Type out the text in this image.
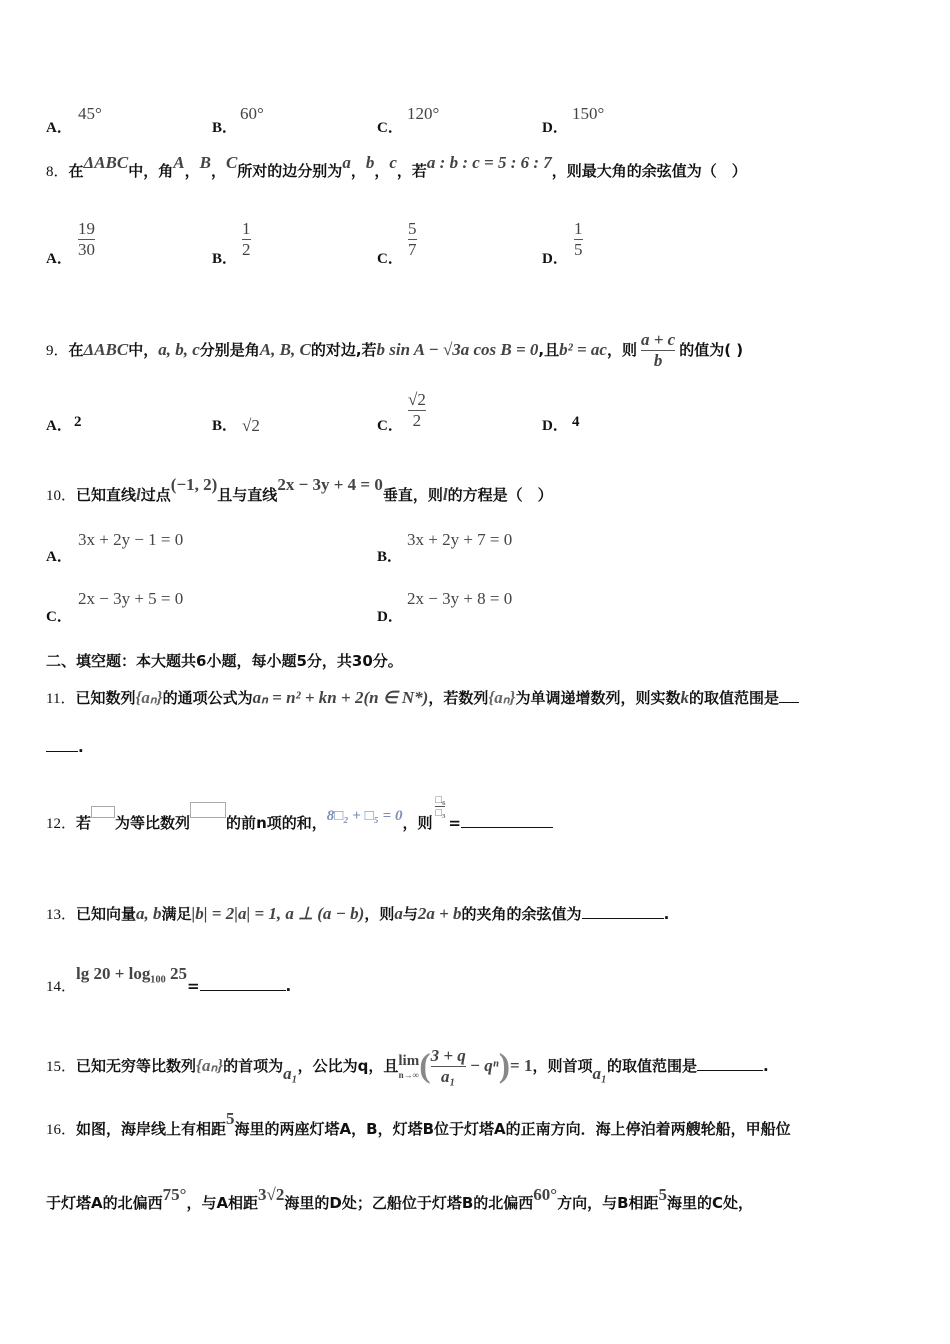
A．
45°
B．
60°
C．
120°
D．
150°
8．在ΔABC中，角A，B，C所对的边分别为a，b，c，若a : b : c = 5 : 6 : 7，则最大角的余弦值为（　）
A．
19
30	B．
1
2	C．
5
7	D．
1
5
9．在ΔABC中，a, b, c分别是角A, B, C的对边,若b sin A − √3a cos B = 0,且b² = ac，则 $\frac{a + c}{b}$ 的值为( )
A． 2	B． √2	C．
√2
2	D． 4
10．已知直线l过点(−1, 2)且与直线2x − 3y + 4 = 0垂直，则l的方程是（　）
A．
3x + 2y − 1 = 0
B．
3x + 2y + 7 = 0
C．
2x − 3y + 5 = 0
D．
2x − 3y + 8 = 0
二、填空题：本大题共6小题，每小题5分，共30分。
11．已知数列{aₙ}的通项公式为aₙ = n² + kn + 2(n ∈ N*)，若数列{aₙ}为单调递增数列，则实数k的取值范围是
.
12．若 为等比数列 的前n项的和，8□₂ + □₅ = 0，则
$\frac{\text{□₆}}{\text{□₃}}$
=
13．已知向量a, b满足|b| = 2|a| = 1, a ⊥ (a − b)，则a与2a + b的夹角的余弦值为	.
14．lg 20 + log₁₀₀ 25=	.
15．已知无穷等比数列{aₙ}的首项为a₁，公比为q，且 lim
n→∞ ( $\frac{3 + q}{\text{a₁}} - q^n)= 1$，则首项a₁的取值范围是	.
16．如图，海岸线上有相距5海里的两座灯塔A，B，灯塔B位于灯塔A的正南方向．海上停泊着两艘轮船，甲船位
于灯塔A的北偏西75°，与A相距3√2海里的D处；乙船位于灯塔B的北偏西60°方向，与B相距5海里的C处，
